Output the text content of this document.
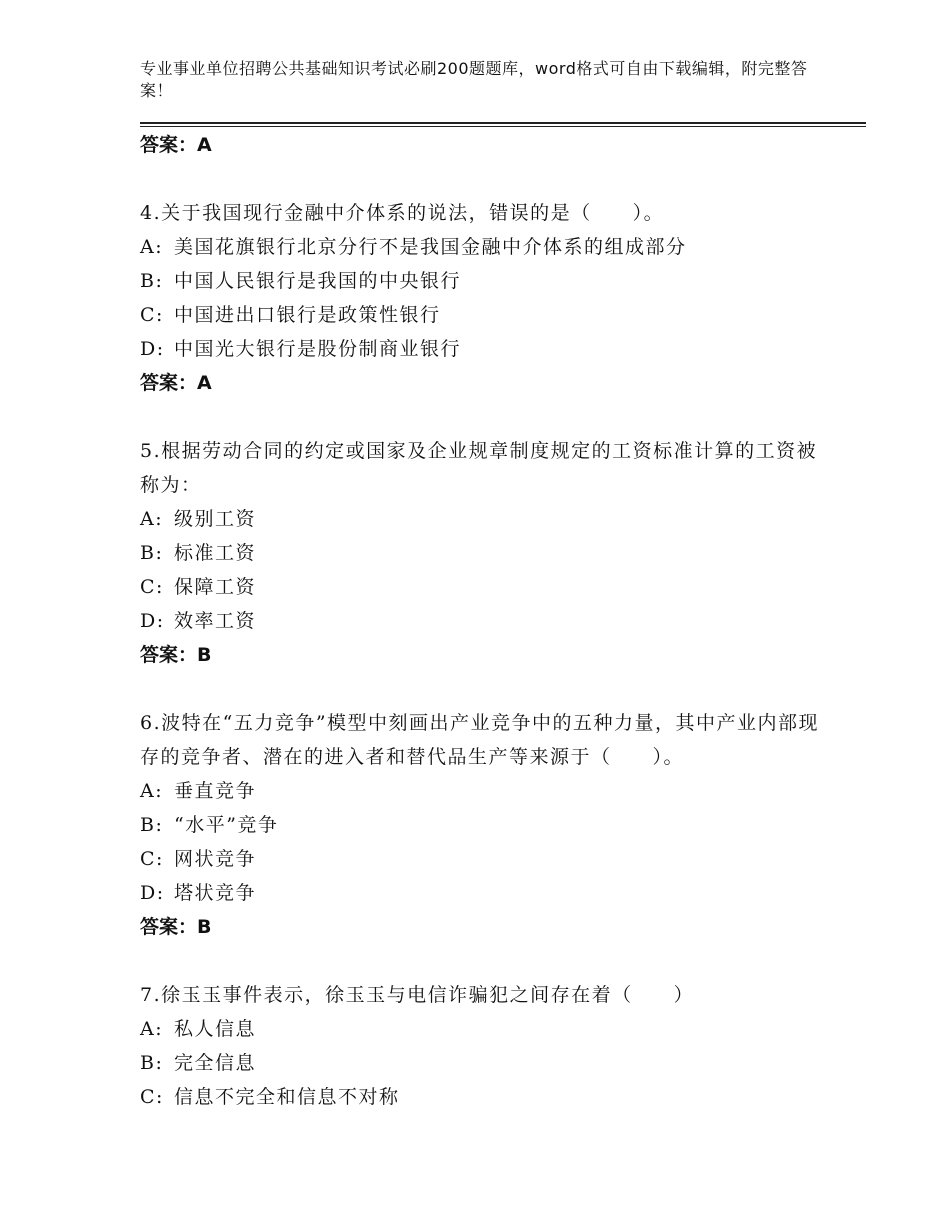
专业事业单位招聘公共基础知识考试必刷200题题库，word格式可自由下载编辑，附完整答案！
答案：A
4.关于我国现行金融中介体系的说法，错误的是（　　）。
A: 美国花旗银行北京分行不是我国金融中介体系的组成部分
B: 中国人民银行是我国的中央银行
C: 中国进出口银行是政策性银行
D: 中国光大银行是股份制商业银行
答案：A
5.根据劳动合同的约定或国家及企业规章制度规定的工资标准计算的工资被称为：
A: 级别工资
B: 标准工资
C: 保障工资
D: 效率工资
答案：B
6.波特在“五力竞争”模型中刻画出产业竞争中的五种力量，其中产业内部现存的竞争者、潜在的进入者和替代品生产等来源于（　　）。
A: 垂直竞争
B: “水平”竞争
C: 网状竞争
D: 塔状竞争
答案：B
7.徐玉玉事件表示，徐玉玉与电信诈骗犯之间存在着（　　）
A: 私人信息
B: 完全信息
C: 信息不完全和信息不对称
